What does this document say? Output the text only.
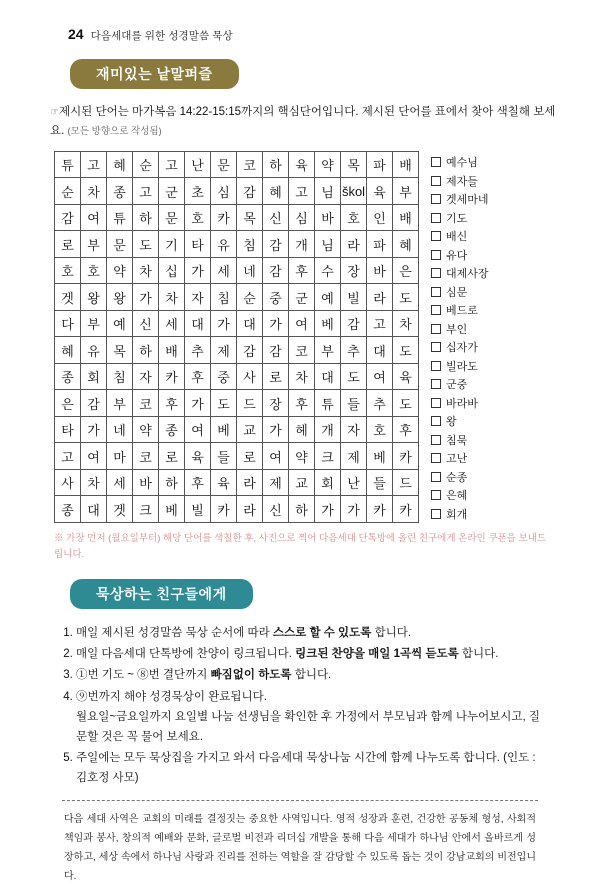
24 다음세대를 위한 성경말씀 묵상
재미있는 낱말퍼즐

☞제시된 단어는 마가복음 14:22-15:15까지의 핵심단어입니다. 제시된 단어를 표에서 찾아 색칠해 보세요. (모든 방향으로 작성됨)

튜	고	혜	순	고	난	문	코	하	육	약	목	파	배
순	차	종	고	군	초	심	감	혜	고	님	škol	육	부
감	여	튜	하	문	호	카	목	신	심	바	호	인	배
로	부	문	도	기	타	유	침	감	개	님	라	파	혜
호	호	약	차	십	가	세	네	감	후	수	장	바	은
겟	왕	왕	가	차	자	침	순	중	군	예	빌	라	도
다	부	예	신	세	대	가	대	가	여	베	감	고	차
혜	유	목	하	배	추	제	감	감	코	부	추	대	도
종	회	침	자	카	후	중	사	로	차	대	도	여	육
은	감	부	코	후	가	도	드	장	후	튜	들	추	도
타	가	네	약	종	여	베	교	가	헤	개	자	호	후
고	여	마	코	로	육	들	로	여	약	크	제	베	카
사	차	세	바	하	후	육	라	제	교	회	난	들	드
종	대	겟	크	베	빌	카	라	신	하	가	가	카	카
예수님
제자들
겟세마네
기도
배신
유다
대제사장
심문
베드로
부인
십자가
빌라도
군중
바라바
왕
침묵
고난
순종
은혜
회개

※ 가장 먼저 (월요일부터) 해당 단어를 색칠한 후, 사진으로 찍어 다음세대 단톡방에 올린 친구에게 온라인 쿠폰을 보내드립니다.

묵상하는 친구들에게
1. 매일 제시된 성경말씀 묵상 순서에 따라 스스로 할 수 있도록 합니다.
2. 매일 다음세대 단톡방에 찬양이 링크됩니다. 링크된 찬양을 매일 1곡씩 듣도록 합니다.
3. ①번 기도 ~ ⑧번 결단까지 빠짐없이 하도록 합니다.
4. ⑨번까지 해야 성경묵상이 완료됩니다.
월요일~금요일까지 요일별 나눔 선생님을 확인한 후 가정에서 부모님과 함께 나누어보시고, 질문할 것은 꼭 물어 보세요.
5. 주일에는 모두 묵상집을 가지고 와서 다음세대 묵상나눔 시간에 함께 나누도록 합니다. (인도 : 김호정 사모)

다음 세대 사역은 교회의 미래를 결정짓는 중요한 사역입니다. 영적 성장과 훈련, 건강한 공동체 형성, 사회적 책임과 봉사, 창의적 예배와 문화, 글로벌 비전과 리더십 개발을 통해 다음 세대가 하나님 안에서 올바르게 성장하고, 세상 속에서 하나님 사랑과 진리를 전하는 역할을 잘 감당할 수 있도록 돕는 것이 강남교회의 비전입니다.
